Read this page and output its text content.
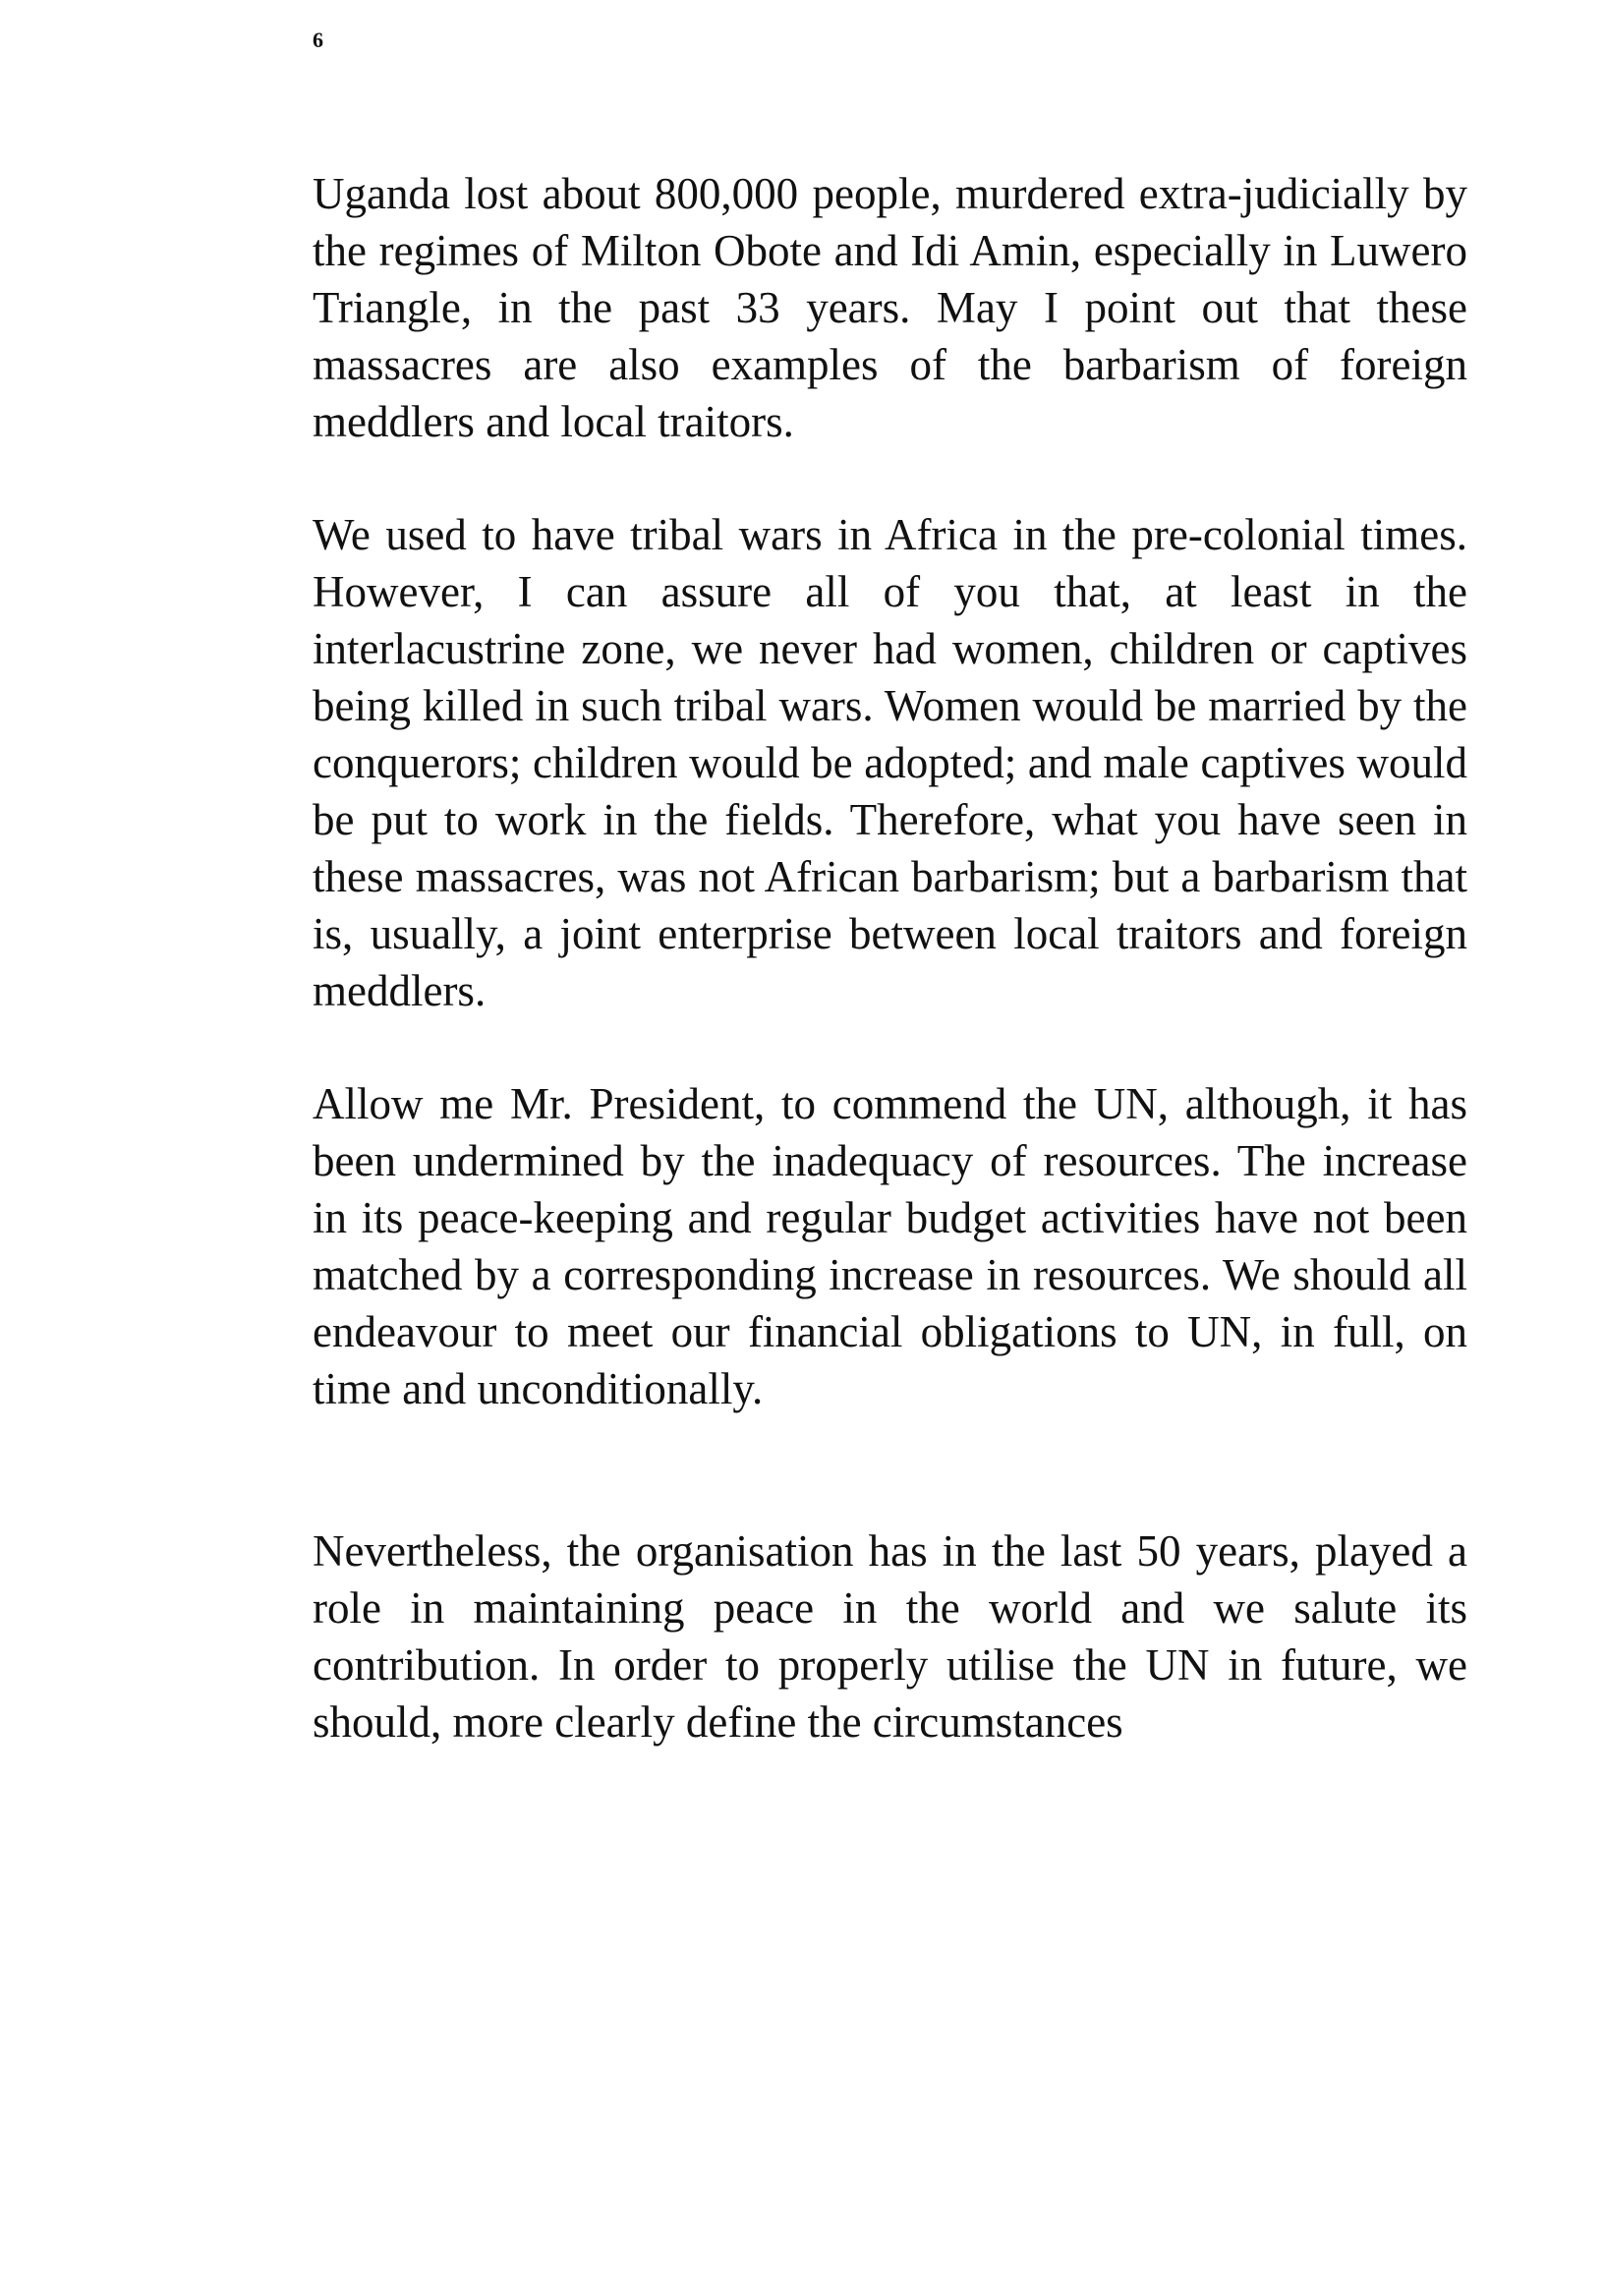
6

Uganda lost about 800,000 people, murdered extra-judicially by the regimes of Milton Obote and Idi Amin, especially in Luwero Triangle, in the past 33 years. May I point out that these massacres are also examples of the barbarism of foreign meddlers and local traitors.

We used to have tribal wars in Africa in the pre-colonial times. However, I can assure all of you that, at least in the interlacustrine zone, we never had women, children or captives being killed in such tribal wars. Women would be married by the conquerors; children would be adopted; and male captives would be put to work in the fields. Therefore, what you have seen in these massacres, was not African barbarism; but a barbarism that is, usually, a joint enterprise between local traitors and foreign meddlers.

Allow me Mr. President, to commend the UN, although, it has been undermined by the inadequacy of resources. The increase in its peace-keeping and regular budget activities have not been matched by a corresponding increase in resources. We should all endeavour to meet our financial obligations to UN, in full, on time and unconditionally.

Nevertheless, the organisation has in the last 50 years, played a role in maintaining peace in the world and we salute its contribution. In order to properly utilise the UN in future, we should, more clearly define the circumstances
